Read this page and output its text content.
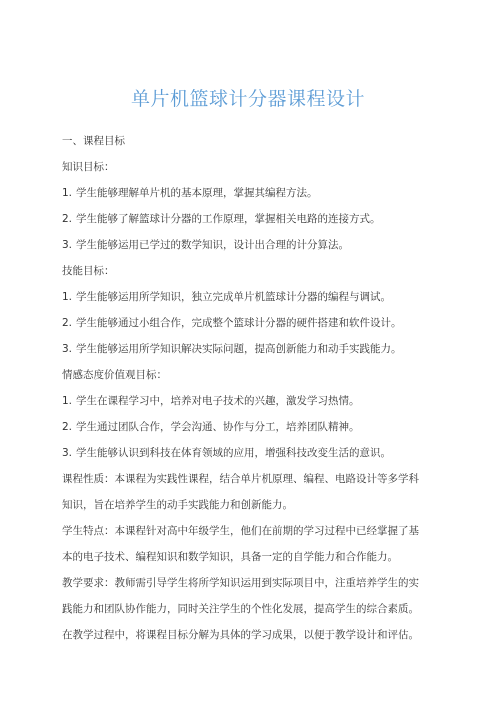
单片机篮球计分器课程设计
一、课程目标
知识目标：
1. 学生能够理解单片机的基本原理，掌握其编程方法。
2. 学生能够了解篮球计分器的工作原理，掌握相关电路的连接方式。
3. 学生能够运用已学过的数学知识，设计出合理的计分算法。
技能目标：
1. 学生能够运用所学知识，独立完成单片机篮球计分器的编程与调试。
2. 学生能够通过小组合作，完成整个篮球计分器的硬件搭建和软件设计。
3. 学生能够运用所学知识解决实际问题，提高创新能力和动手实践能力。
情感态度价值观目标：
1. 学生在课程学习中，培养对电子技术的兴趣，激发学习热情。
2. 学生通过团队合作，学会沟通、协作与分工，培养团队精神。
3. 学生能够认识到科技在体育领域的应用，增强科技改变生活的意识。
课程性质：本课程为实践性课程，结合单片机原理、编程、电路设计等多学科
知识，旨在培养学生的动手实践能力和创新能力。
学生特点：本课程针对高中年级学生，他们在前期的学习过程中已经掌握了基
本的电子技术、编程知识和数学知识，具备一定的自学能力和合作能力。
教学要求：教师需引导学生将所学知识运用到实际项目中，注重培养学生的实
践能力和团队协作能力，同时关注学生的个性化发展，提高学生的综合素质。
在教学过程中，将课程目标分解为具体的学习成果，以便于教学设计和评估。
